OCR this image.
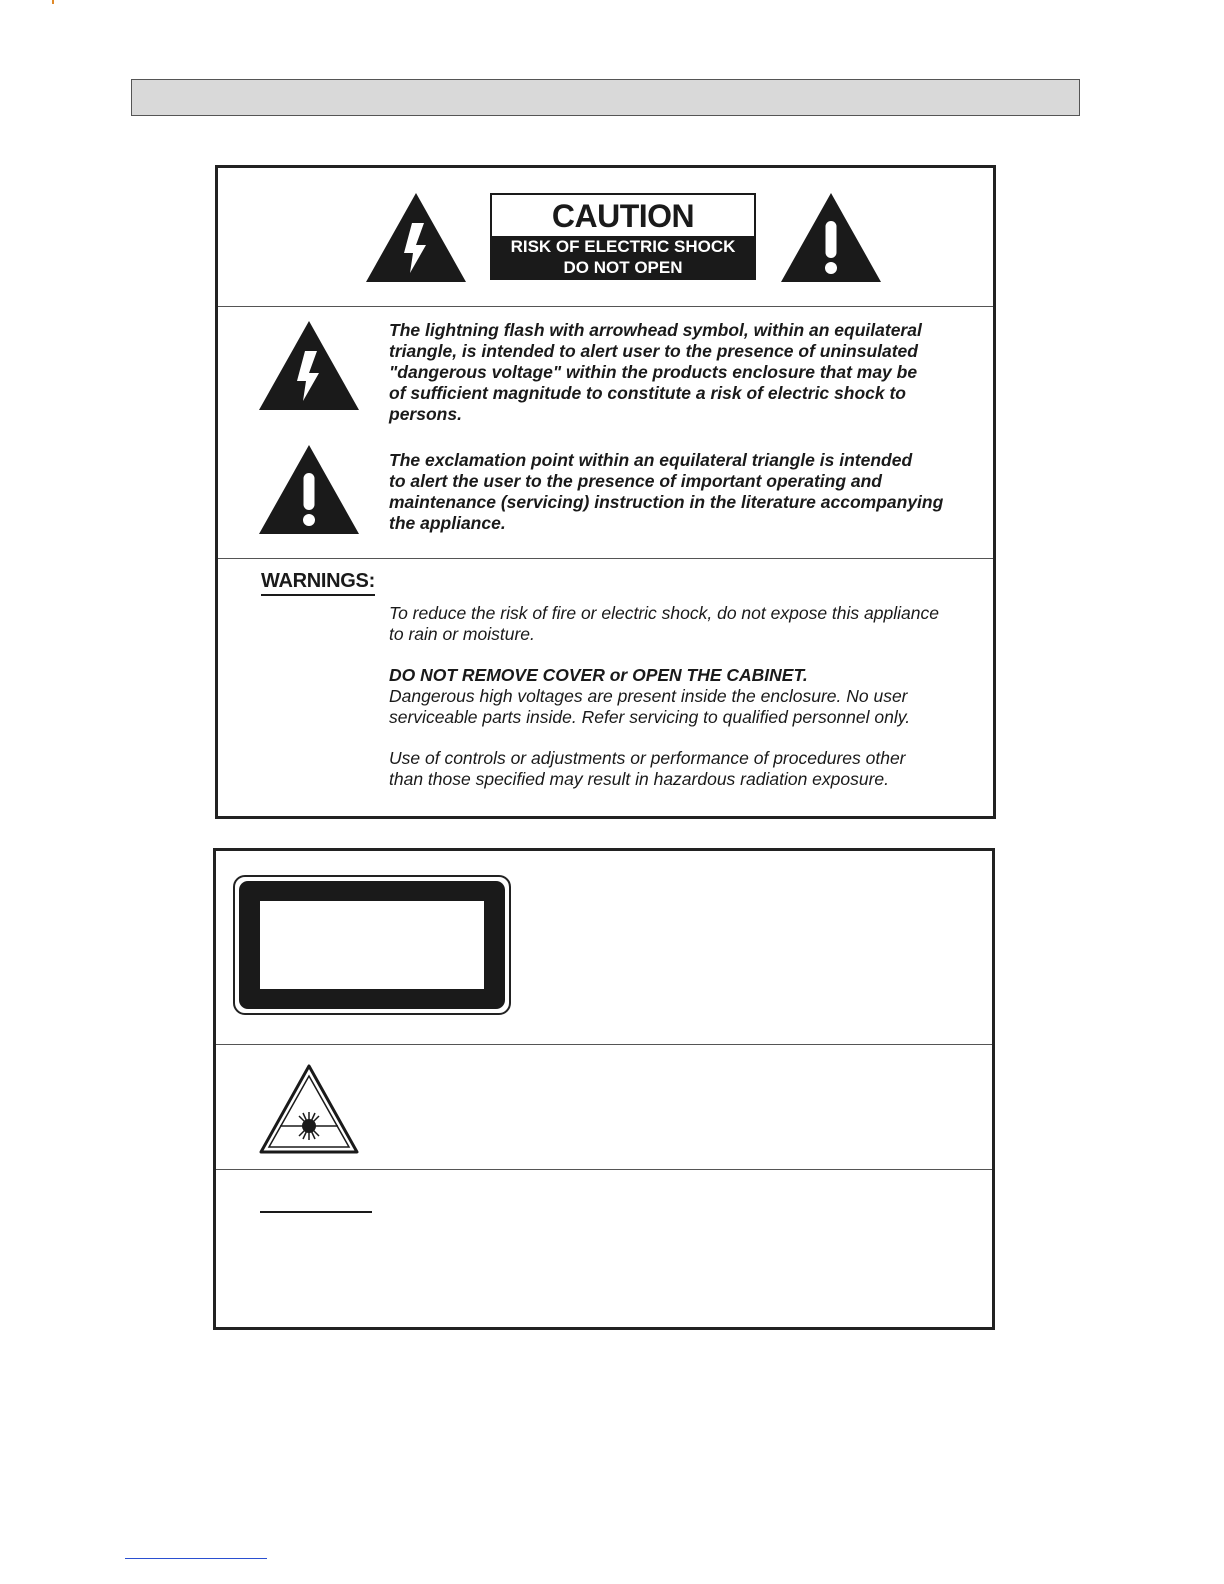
CAUTION
RISK OF ELECTRIC SHOCK
DO NOT OPEN
The lightning flash with arrowhead symbol, within an equilateral
triangle, is intended to alert user to the presence of uninsulated
"dangerous voltage" within the products enclosure that may be
of sufficient magnitude to constitute a risk of electric shock to
persons.
The exclamation point within an equilateral triangle is intended
to alert the user to the presence of important operating and
maintenance (servicing) instruction in the literature accompanying
the appliance.
WARNINGS:
To reduce the risk of fire or electric shock, do not expose this appliance
to rain or moisture.
DO NOT REMOVE COVER or OPEN THE CABINET.
Dangerous high voltages are present inside the enclosure. No user
serviceable parts inside. Refer servicing to qualified personnel only.
Use of controls or adjustments or performance of procedures other
than those specified may result in hazardous radiation exposure.
